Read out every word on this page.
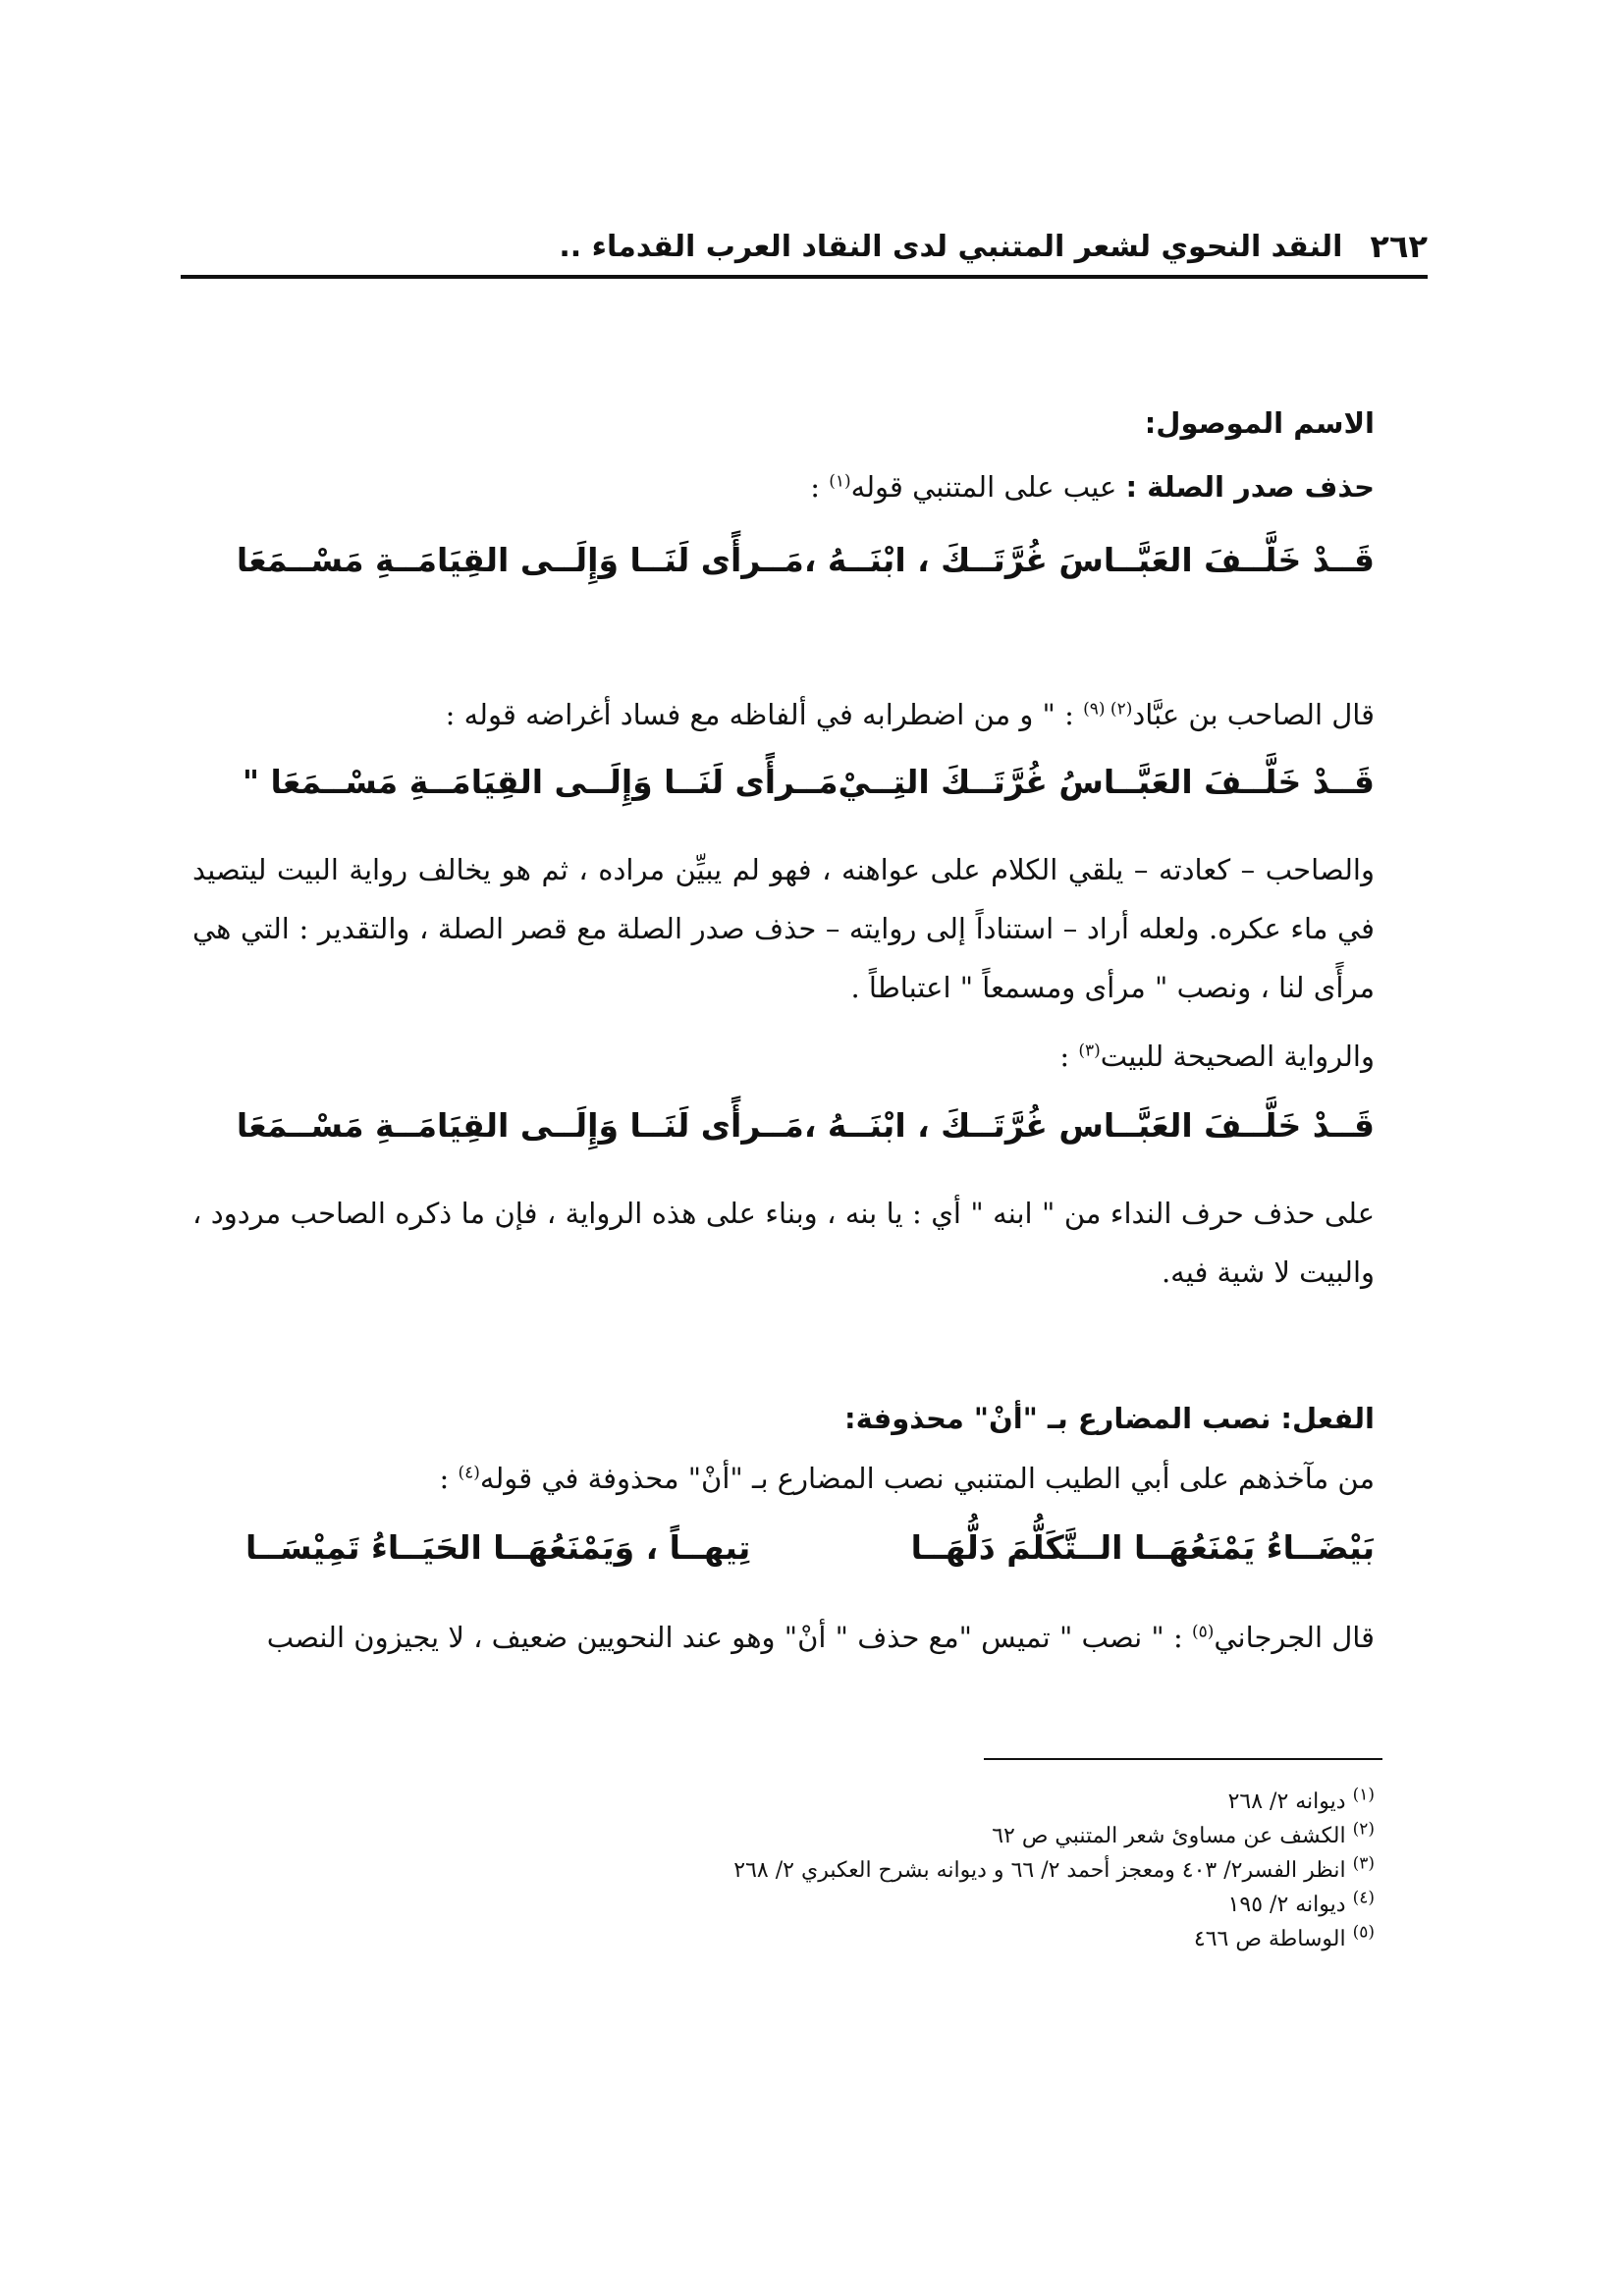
٢٦٢
النقد النحوي لشعر المتنبي لدى النقاد العرب القدماء ..
الاسم الموصول:
حذف صدر الصلة : عيب على المتنبي قوله$^{(١)}$ :
قَــدْ خَلَّــفَ العَبَّــاسَ غُرَّتَــكَ ، ابْنَــهُ ،
مَــرأًى لَنَــا وَإِلَــى القِيَامَــةِ مَسْــمَعَا
قال الصاحب بن عبَّاد$^{(٢) (٩)}$ : " و من اضطرابه في ألفاظه مع فساد أغراضه قوله :
قَــدْ خَلَّــفَ العَبَّــاسُ غُرَّتَــكَ التِــيْ
مَــرأًى لَنَــا وَإِلَــى القِيَامَــةِ مَسْــمَعَا "
والصاحب – كعادته – يلقي الكلام على عواهنه ، فهو لم يبيِّن مراده ، ثم هو يخالف رواية البيت ليتصيد في ماء عكره. ولعله أراد – استناداً إلى روايته – حذف صدر الصلة مع قصر الصلة ، والتقدير : التي هي مرأًى لنا ، ونصب " مرأى ومسمعاً " اعتباطاً .
والرواية الصحيحة للبيت$^{(٣)}$ :
قَــدْ خَلَّــفَ العَبَّــاس غُرَّتَــكَ ، ابْنَــهُ ،
مَــرأًى لَنَــا وَإِلَــى القِيَامَــةِ مَسْــمَعَا
على حذف حرف النداء من " ابنه " أي : يا بنه ، وبناء على هذه الرواية ، فإن ما ذكره الصاحب مردود ، والبيت لا شية فيه.
الفعل: نصب المضارع بـ "أنْ" محذوفة:
من مآخذهم على أبي الطيب المتنبي نصب المضارع بـ "أنْ" محذوفة في قوله$^{(٤)}$ :
بَيْضَــاءُ يَمْنَعُهَــا الــتَّكَلُّمَ دَلُّهَــا
تِيهــاً ، وَيَمْنَعُهَــا الحَيَــاءُ تَمِيْسَــا
قال الجرجاني$^{(٥)}$ : " نصب " تميس "مع حذف " أنْ" وهو عند النحويين ضعيف ، لا يجيزون النصب
$^{(١)}$ ديوانه ٢/ ٢٦٨
$^{(٢)}$ الكشف عن مساوئ شعر المتنبي ص ٦٢
$^{(٣)}$ انظر الفسر٢/ ٤٠٣ ومعجز أحمد ٢/ ٦٦ و ديوانه بشرح العكبري ٢/ ٢٦٨
$^{(٤)}$ ديوانه ٢/ ١٩٥
$^{(٥)}$ الوساطة ص ٤٦٦
